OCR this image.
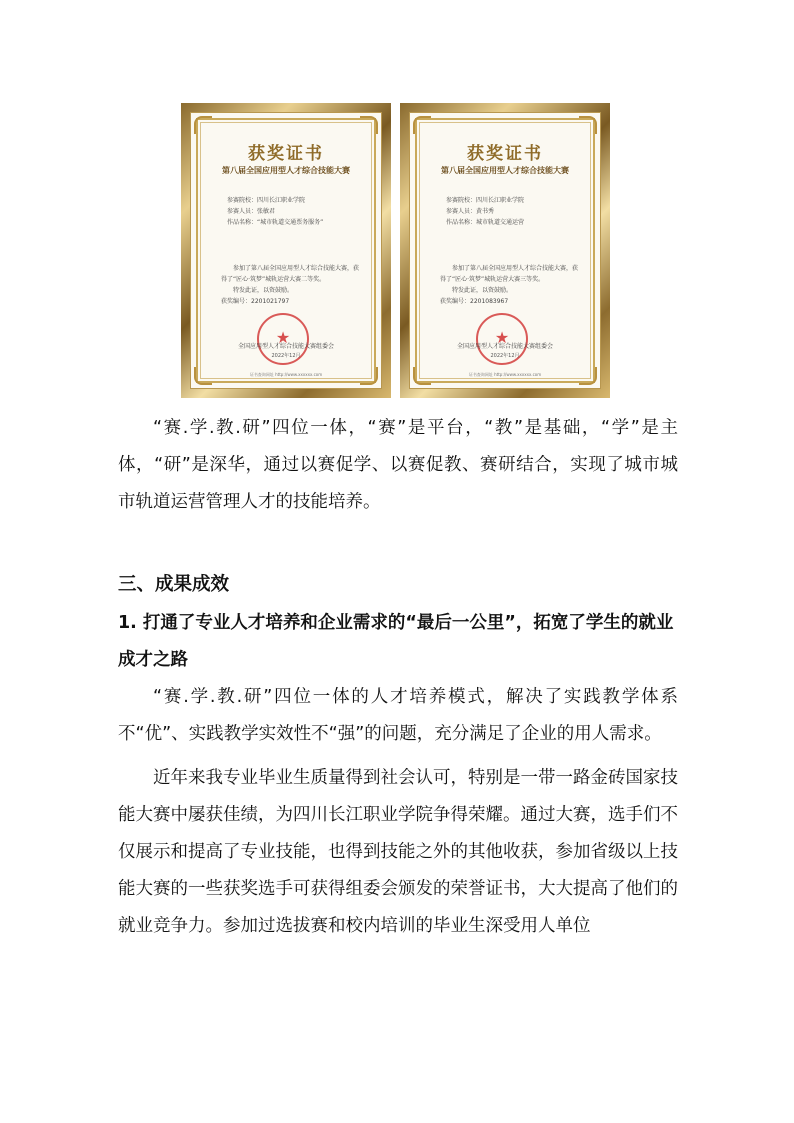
获奖证书
第八届全国应用型人才综合技能大赛
参赛院校：四川长江职业学院
参赛人员：张敏君
作品名称：“城市轨道交通票务服务”
参加了第八届全国应用型人才综合技能大赛，获得了“匠心·筑梦”城轨运营大赛二等奖。
特发此证，以资鼓励。
获奖编号：2201021797
★
全国应用型人才综合技能大赛组委会
2022年12月
证书查询网址 http://www.xxxxxx.com
获奖证书
第八届全国应用型人才综合技能大赛
参赛院校：四川长江职业学院
参赛人员：黄书秀
作品名称：城市轨道交通运营
参加了第八届全国应用型人才综合技能大赛，获得了“匠心·筑梦”城轨运营大赛三等奖。
特发此证，以资鼓励。
获奖编号：2201083967
★
全国应用型人才综合技能大赛组委会
2022年12月
证书查询网址 http://www.xxxxxx.com
“赛.学.教.研”四位一体，“赛”是平台，“教”是基础，“学”是主体，“研”是深华，通过以赛促学、以赛促教、赛研结合，实现了城市城市轨道运营管理人才的技能培养。
三、成果成效
1. 打通了专业人才培养和企业需求的“最后一公里”，拓宽了学生的就业成才之路
“赛.学.教.研”四位一体的人才培养模式，解决了实践教学体系不“优”、实践教学实效性不“强”的问题，充分满足了企业的用人需求。
近年来我专业毕业生质量得到社会认可，特别是一带一路金砖国家技能大赛中屡获佳绩，为四川长江职业学院争得荣耀。通过大赛，选手们不仅展示和提高了专业技能，也得到技能之外的其他收获，参加省级以上技能大赛的一些获奖选手可获得组委会颁发的荣誉证书，大大提高了他们的就业竞争力。参加过选拔赛和校内培训的毕业生深受用人单位
